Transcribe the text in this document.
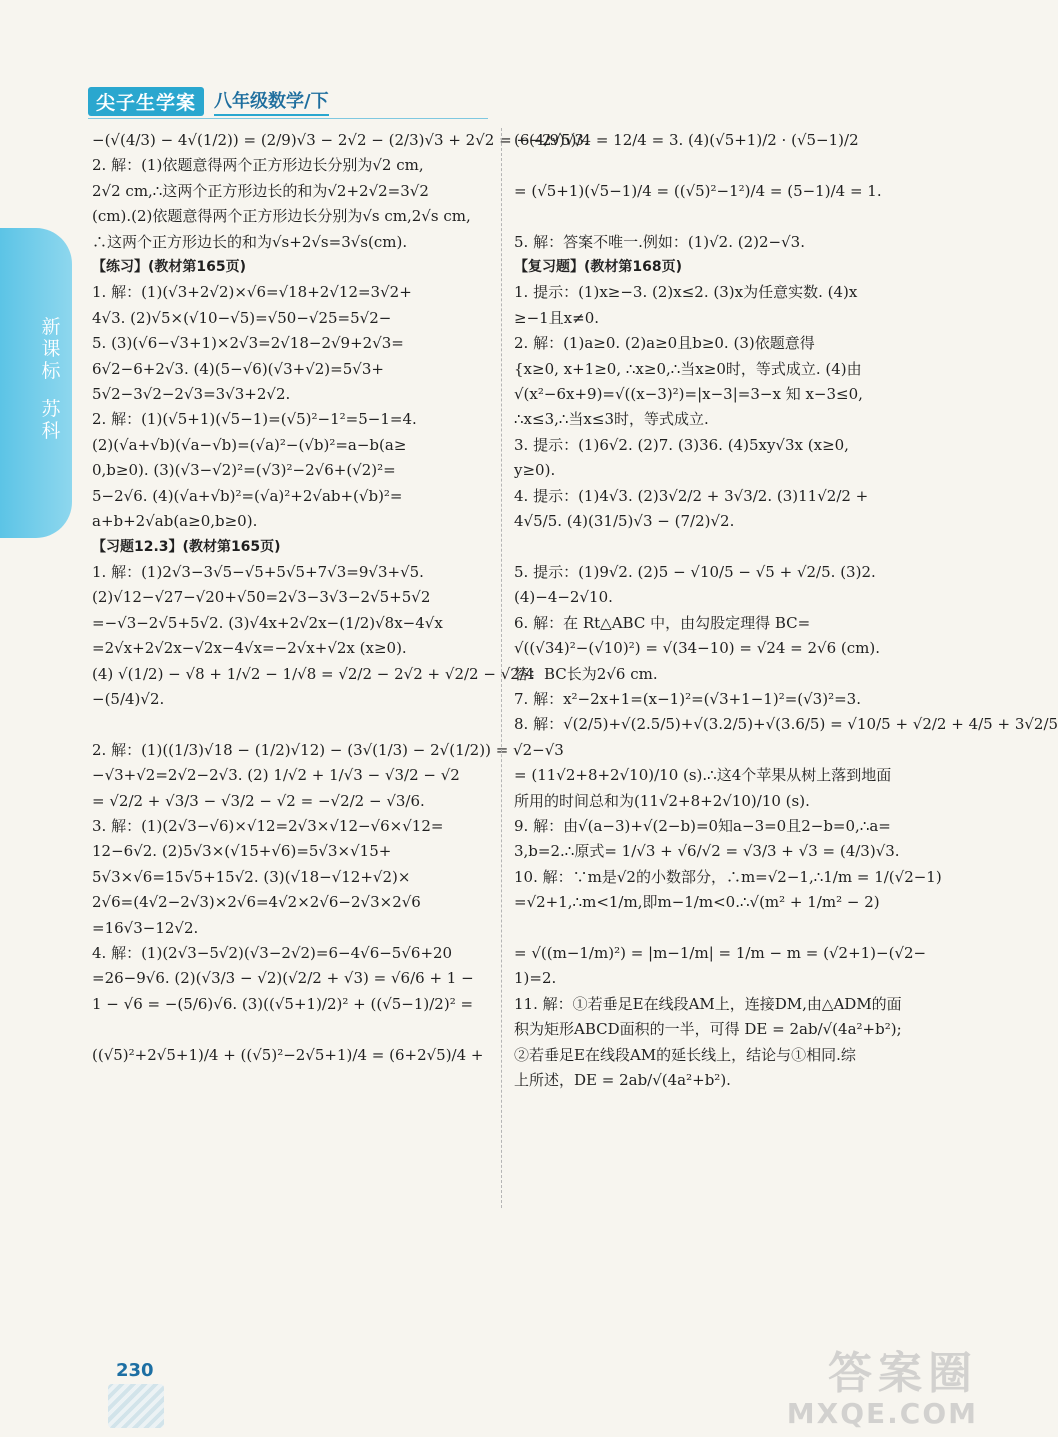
尖子生学案	八年级数学/下
新课标
苏科
−(√(4/3) − 4√(1/2)) = (2/9)√3 − 2√2 − (2/3)√3 + 2√2 = −(4/9)√3.
2. 解：(1)依题意得两个正方形边长分别为√2 cm,
2√2 cm,∴这两个正方形边长的和为√2+2√2=3√2
(cm).(2)依题意得两个正方形边长分别为√s cm,2√s cm,
∴这两个正方形边长的和为√s+2√s=3√s(cm).
【练习】(教材第165页)
1. 解：(1)(√3+2√2)×√6=√18+2√12=3√2+
4√3. (2)√5×(√10−√5)=√50−√25=5√2−
5. (3)(√6−√3+1)×2√3=2√18−2√9+2√3=
6√2−6+2√3. (4)(5−√6)(√3+√2)=5√3+
5√2−3√2−2√3=3√3+2√2.
2. 解：(1)(√5+1)(√5−1)=(√5)²−1²=5−1=4.
(2)(√a+√b)(√a−√b)=(√a)²−(√b)²=a−b(a≥
0,b≥0). (3)(√3−√2)²=(√3)²−2√6+(√2)²=
5−2√6. (4)(√a+√b)²=(√a)²+2√ab+(√b)²=
a+b+2√ab(a≥0,b≥0).
【习题12.3】(教材第165页)
1. 解：(1)2√3−3√5−√5+5√5+7√3=9√3+√5.
(2)√12−√27−√20+√50=2√3−3√3−2√5+5√2
=−√3−2√5+5√2. (3)√4x+2√2x−(1/2)√8x−4√x
=2√x+2√2x−√2x−4√x=−2√x+√2x (x≥0).
(4) √(1/2) − √8 + 1/√2 − 1/√8 = √2/2 − 2√2 + √2/2 − √2/4
−(5/4)√2.

2. 解：(1)((1/3)√18 − (1/2)√12) − (3√(1/3) − 2√(1/2)) = √2−√3
−√3+√2=2√2−2√3. (2) 1/√2 + 1/√3 − √3/2 − √2
= √2/2 + √3/3 − √3/2 − √2 = −√2/2 − √3/6.
3. 解：(1)(2√3−√6)×√12=2√3×√12−√6×√12=
12−6√2. (2)5√3×(√15+√6)=5√3×√15+
5√3×√6=15√5+15√2. (3)(√18−√12+√2)×
2√6=(4√2−2√3)×2√6=4√2×2√6−2√3×2√6
=16√3−12√2.
4. 解：(1)(2√3−5√2)(√3−2√2)=6−4√6−5√6+20
=26−9√6. (2)(√3/3 − √2)(√2/2 + √3) = √6/6 + 1 −
1 − √6 = −(5/6)√6. (3)((√5+1)/2)² + ((√5−1)/2)² =

((√5)²+2√5+1)/4 + ((√5)²−2√5+1)/4 = (6+2√5)/4 +
(6−2√5)/4 = 12/4 = 3. (4)(√5+1)/2 · (√5−1)/2

= (√5+1)(√5−1)/4 = ((√5)²−1²)/4 = (5−1)/4 = 1.

5. 解：答案不唯一.例如：(1)√2. (2)2−√3.
【复习题】(教材第168页)
1. 提示：(1)x≥−3. (2)x≤2. (3)x为任意实数. (4)x
≥−1且x≠0.
2. 解：(1)a≥0. (2)a≥0且b≥0. (3)依题意得
{x≥0, x+1≥0, ∴x≥0,∴当x≥0时，等式成立. (4)由
√(x²−6x+9)=√((x−3)²)=|x−3|=3−x 知 x−3≤0,
∴x≤3,∴当x≤3时，等式成立.
3. 提示：(1)6√2. (2)7. (3)36. (4)5xy√3x (x≥0,
y≥0).
4. 提示：(1)4√3. (2)3√2/2 + 3√3/2. (3)11√2/2 +
4√5/5. (4)(31/5)√3 − (7/2)√2.

5. 提示：(1)9√2. (2)5 − √10/5 − √5 + √2/5. (3)2.
(4)−4−2√10.
6. 解：在 Rt△ABC 中，由勾股定理得 BC=
√((√34)²−(√10)²) = √(34−10) = √24 = 2√6 (cm).
答：BC长为2√6 cm.
7. 解：x²−2x+1=(x−1)²=(√3+1−1)²=(√3)²=3.
8. 解：√(2/5)+√(2.5/5)+√(3.2/5)+√(3.6/5) = √10/5 + √2/2 + 4/5 + 3√2/5

= (11√2+8+2√10)/10 (s).∴这4个苹果从树上落到地面
所用的时间总和为(11√2+8+2√10)/10 (s).
9. 解：由√(a−3)+√(2−b)=0知a−3=0且2−b=0,∴a=
3,b=2.∴原式= 1/√3 + √6/√2 = √3/3 + √3 = (4/3)√3.
10. 解：∵m是√2的小数部分，∴m=√2−1,∴1/m = 1/(√2−1)
=√2+1,∴m<1/m,即m−1/m<0.∴√(m² + 1/m² − 2)

= √((m−1/m)²) = |m−1/m| = 1/m − m = (√2+1)−(√2−
1)=2.
11. 解：①若垂足E在线段AM上，连接DM,由△ADM的面
积为矩形ABCD面积的一半，可得 DE = 2ab/√(4a²+b²);
②若垂足E在线段AM的延长线上，结论与①相同.综
上所述，DE = 2ab/√(4a²+b²).
230	答案圈
MXQE.COM
